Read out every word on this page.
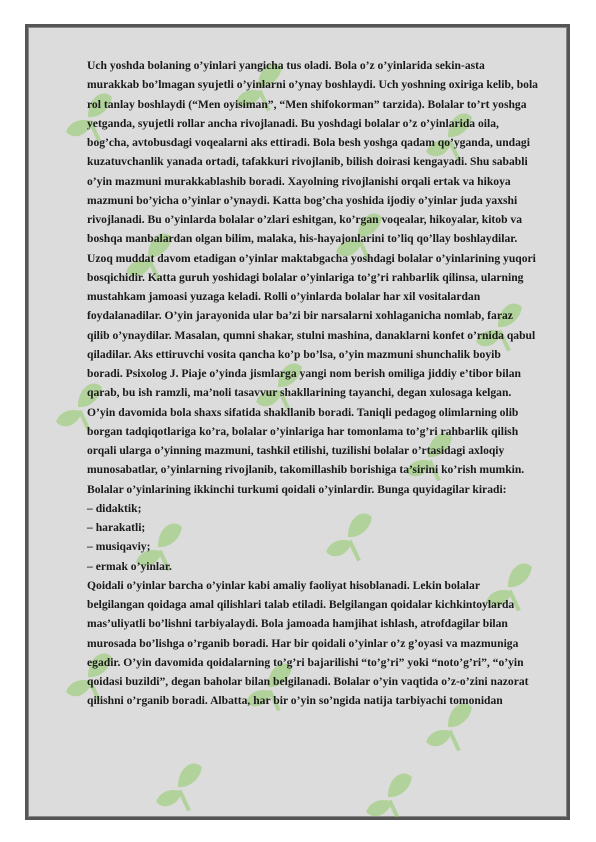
Uch yoshda bolaning o’yinlari yangicha tus oladi. Bola o’z o’yinlarida sekin-asta
murakkab bo’lmagan syujetli o’yinlarni o’ynay boshlaydi. Uch yoshning oxiriga kelib, bola
rol tanlay boshlaydi (“Men oyisiman”, “Men shifokorman” tarzida). Bolalar to’rt yoshga
yetganda, syujetli rollar ancha rivojlanadi. Bu yoshdagi bolalar o’z o’yinlarida oila,
bog’cha, avtobusdagi voqealarni aks ettiradi. Bola besh yoshga qadam qo’yganda, undagi
kuzatuvchanlik yanada ortadi, tafakkuri rivojlanib, bilish doirasi kengayadi. Shu sababli
o’yin mazmuni murakkablashib boradi. Xayolning rivojlanishi orqali ertak va hikoya
mazmuni bo’yicha o’yinlar o’ynaydi. Katta bog’cha yoshida ijodiy o’yinlar juda yaxshi
rivojlanadi. Bu o’yinlarda bolalar o’zlari eshitgan, ko’rgan voqealar, hikoyalar, kitob va
boshqa manbalardan olgan bilim, malaka, his-hayajonlarini to’liq qo’llay boshlaydilar.
Uzoq muddat davom etadigan o’yinlar maktabgacha yoshdagi bolalar o’yinlarining yuqori
bosqichidir. Katta guruh yoshidagi bolalar o’yinlariga to’g’ri rahbarlik qilinsa, ularning
mustahkam jamoasi yuzaga keladi. Rolli o’yinlarda bolalar har xil vositalardan
foydalanadilar. O’yin jarayonida ular ba’zi bir narsalarni xohlaganicha nomlab, faraz
qilib o’ynaydilar. Masalan, qumni shakar, stulni mashina, danaklarni konfet o’rnida qabul
qiladilar. Aks ettiruvchi vosita qancha ko’p bo’lsa, o’yin mazmuni shunchalik boyib
boradi. Psixolog J. Piaje o’yinda jismlarga yangi nom berish omiliga jiddiy e’tibor bilan
qarab, bu ish ramzli, ma’noli tasavvur shakllarining tayanchi, degan xulosaga kelgan.
O’yin davomida bola shaxs sifatida shakllanib boradi. Taniqli pedagog olimlarning olib
borgan tadqiqotlariga ko’ra, bolalar o’yinlariga har tomonlama to’g’ri rahbarlik qilish
orqali ularga o’yinning mazmuni, tashkil etilishi, tuzilishi bolalar o’rtasidagi axloqiy
munosabatlar, o’yinlarning rivojlanib, takomillashib borishiga ta’sirini ko’rish mumkin.
Bolalar o’yinlarining ikkinchi turkumi qoidali o’yinlardir. Bunga quyidagilar kiradi:
– didaktik;
– harakatli;
– musiqaviy;
– ermak o’yinlar.
Qoidali o’yinlar barcha o’yinlar kabi amaliy faoliyat hisoblanadi. Lekin bolalar
belgilangan qoidaga amal qilishlari talab etiladi. Belgilangan qoidalar kichkintoylarda
mas’uliyatli bo’lishni tarbiyalaydi. Bola jamoada hamjihat ishlash, atrofdagilar bilan
murosada bo’lishga o’rganib boradi. Har bir qoidali o’yinlar o’z g’oyasi va mazmuniga
egadir. O’yin davomida qoidalarning to’g’ri bajarilishi “to’g’ri” yoki “noto’g’ri”, “o’yin
qoidasi buzildi”, degan baholar bilan belgilanadi. Bolalar o’yin vaqtida o’z-o’zini nazorat
qilishni o’rganib boradi. Albatta, har bir o’yin so’ngida natija tarbiyachi tomonidan
